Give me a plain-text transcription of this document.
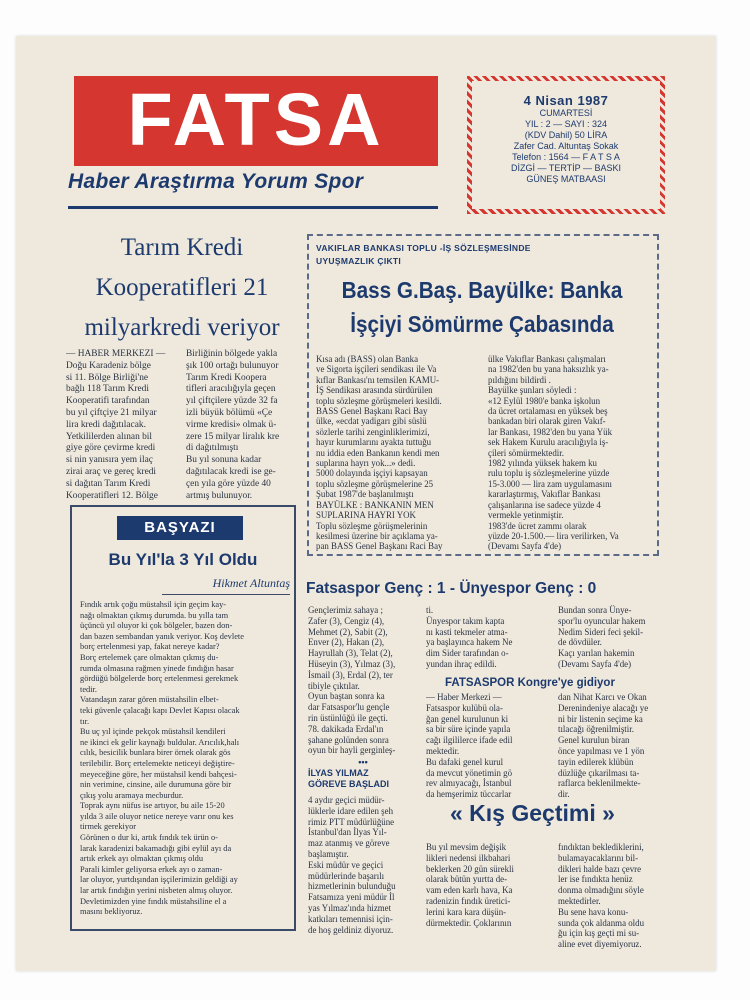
FATSA
Haber Araştırma Yorum Spor
4 Nisan 1987
CUMARTESİ
YIL : 2 — SAYI : 324
(KDV Dahil) 50 LİRA
Zafer Cad. Altuntaş Sokak
Telefon : 1564 — F A T S A
DİZGİ — TERTİP — BASKI
GÜNEŞ MATBAASI
Tarım Kredi
Kooperatifleri 21
milyarkredi veriyor
— HABER MERKEZİ —
Doğu Karadeniz bölge
si 11. Bölge Birliği'ne
bağlı 118 Tarım Kredi
Kooperatifi tarafından
bu yıl çiftçiye 21 milyar
lira kredi dağıtılacak.
Yetkililerden alınan bil
giye göre çevirme kredi
si nin yanısıra yem ilaç
zirai araç ve gereç kredi
si dağıtan Tarım Kredi
Kooperatifleri 12. Bölge
Birliğinin bölgede yakla
şık 100 ortağı bulunuyor
Tarım Kredi Koopera
tifleri aracılığıyla geçen
yıl çiftçilere yüzde 32 fa
izli büyük bölümü «Çe
virme kredisi» olmak ü-
zere 15 milyar liralık kre
di dağıtılmıştı
Bu yıl sonuna kadar
dağıtılacak kredi ise ge-
çen yıla göre yüzde 40
artmış bulunuyor.
VAKIFLAR BANKASI TOPLU -İŞ SÖZLEŞMESİNDE
UYUŞMAZLIK ÇIKTI
Bass G.Baş. Bayülke: Banka
İşçiyi Sömürme Çabasında
Kısa adı (BASS) olan Banka
ve Sigorta işçileri sendikası ile Va
kıflar Bankası'nı temsilen KAMU-
İŞ Sendikası arasında sürdürülen
toplu sözleşme görüşmeleri kesildi.
BASS Genel Başkanı Raci Bay
ülke, «ecdat yadigarı gibi süslü
sözlerle tarihi zenginliklerimizi,
hayır kurumlarını ayakta tuttuğu
nu iddia eden Bankanın kendi men
suplarına hayrı yok...» dedi.
5000 dolayında işçiyi kapsayan
toplu sözleşme görüşmelerine 25
Şubat 1987'de başlanılmıştı
BAYÜLKE : BANKANIN MEN
SUPLARINA HAYRI YOK
Toplu sözleşme görüşmelerinin
kesilmesi üzerine bir açıklama ya-
pan BASS Genel Başkanı Raci Bay
ülke Vakıflar Bankası çalışmaları
na 1982'den bu yana haksızlık ya-
pıldığını bildirdi .
Bayülke şunları söyledi :
«12 Eylül 1980'e banka işkolun
da ücret ortalaması en yüksek beş
bankadan biri olarak giren Vakıf-
lar Bankası, 1982'den bu yana Yük
sek Hakem Kurulu aracılığıyla iş-
çileri sömürmektedir.
1982 yılında yüksek hakem ku
rulu toplu iş sözleşmelerine yüzde
15-3.000 — lira zam uygulamasını
kararlaştırmış, Vakıflar Bankası
çalışanlarına ise sadece yüzde 4
vermekle yetinmiştir.
1983'de ücret zammı olarak
yüzde 20-1.500.— lira verilirken, Va
(Devamı Sayfa 4'de)
BAŞYAZI
Bu Yıl'la 3 Yıl Oldu
Hikmet Altuntaş
Fındık artık çoğu müstahsil için geçim kay-
nağı olmaktan çıkmış durumda. bu yılla tam
üçüncü yıl oluyor ki çok bölgeler, bazen don-
dan bazen sembandan yanık veriyor. Koş devlete
borç ertelenmesi yap, fakat nereye kadar?
Borç ertelemek çare olmaktan çıkmış du-
rumda olmasına rağmen yinede fındığın hasar
gördüğü bölgelerde borç ertelenmesi gerekmek
tedir.
Vatandaşın zarar gören müstahsilin elbet-
teki güvenle çalacağı kapı Devlet Kapısı olacak
tır.
Bu uç yıl içinde pekçok müstahsil kendileri
ne ikinci ek gelir kaynağı buldular. Arıcılık,halı
cılık, besicilik bunlara birer örnek olarak gös
terilebilir. Borç ertelemekte neticeyi değiştire-
meyeceğine göre, her müstahsil kendi bahçesi-
nin verimine, cinsine, aile durumuna göre bir
çıkış yolu aramaya mecburdur.
Toprak aynı nüfus ise artıyor, bu aile 15-20
yılda 3 aile oluyor netice nereye varır onu kes
tirmek gerekiyor
Görünen o dur ki, artık fındık tek ürün o-
larak karadenizi bakamadığı gibi eylül ayı da
artık erkek ayı olmaktan çıkmış oldu
Parali kimler geliyorsa erkek ayı o zaman-
lar oluyor, yurtdışından işçilerimizin geldiği ay
lar artık fındığın yerini nisbeten almış oluyor.
Devletimizden yine fındık müstahsiline el a
masını bekliyoruz.
Fatsaspor Genç : 1 - Ünyespor Genç : 0
Gençlerimiz sahaya ;
Zafer (3), Cengiz (4),
Mehmet (2), Sabit (2),
Enver (2), Hakan (2),
Hayrullah (3), Telat (2),
Hüseyin (3), Yılmaz (3),
İsmail (3), Erdal (2), ter
tibiyle çıktılar.
Oyun baştan sonra ka
dar Fatsaspor'lu gençle
rin üstünlüğü ile geçti.
78. dakikada Erdal'ın
şahane golünden sonra
oyun bir hayli gerginleş-
ti.
Ünyespor takım kapta
nı kasti tekmeler atma-
ya başlayınca hakem Ne
dim Sider tarafından o-
yundan ihraç edildi.
Bundan sonra Ünye-
spor'lu oyuncular hakem
Nedim Sideri feci şekil-
de dövdüler.
Kaçı yarılan hakemin
(Devamı Sayfa 4'de)
FATSASPOR Kongre'ye gidiyor
— Haber Merkezi —
Fatsaspor kulübü ola-
ğan genel kurulunun ki
sa bir süre içinde yapıla
cağı ilgililerce ifade edil
mektedir.
Bu dafaki genel kurul
da mevcut yönetimin gö
rev almıyacağı, İstanbul
da hemşerimiz tüccarlar
dan Nihat Karcı ve Okan
Derenindeniye alacağı ye
ni bir listenin seçime ka
tılacağı öğrenilmiştir.
Genel kurulun biran
önce yapılması ve 1 yön
tayin edilerek klübün
düzlüğe çıkarilması ta-
raflarca beklenilmekte-
dir.
•••
İLYAS YILMAZ
GÖREVE BAŞLADI
4 aydır geçici müdür-
lüklerle idare edilen şeh
rimiz PTT müdürlüğüne
İstanbul'dan İlyas Yıl-
maz atanmış ve göreve
başlamıştır.
Eski müdür ve geçici
müdürlerinde başarılı
hizmetlerinin bulunduğu
Fatsamıza yeni müdür İl
yas Yılmaz'ında hizmet
katkıları temennisi için-
de hoş geldiniz diyoruz.
« Kış Geçtimi »
Bu yıl mevsim değişik
likleri nedensi ilkbahari
beklerken 20 gün sürekli
olarak bütün yurtta de-
vam eden karlı hava, Ka
radenizin fındık üretici-
lerini kara kara düşün-
dürmektedir. Çoklarının
fındıktan beklediklerini,
bulamayacaklarını bil-
dikleri halde bazı çevre
ler ise fındıkta henüz
donma olmadığını söyle
mektedirler.
Bu sene hava konu-
sunda çok aldanma oldu
ğu için kış geçti mi su-
aline evet diyemiyoruz.
